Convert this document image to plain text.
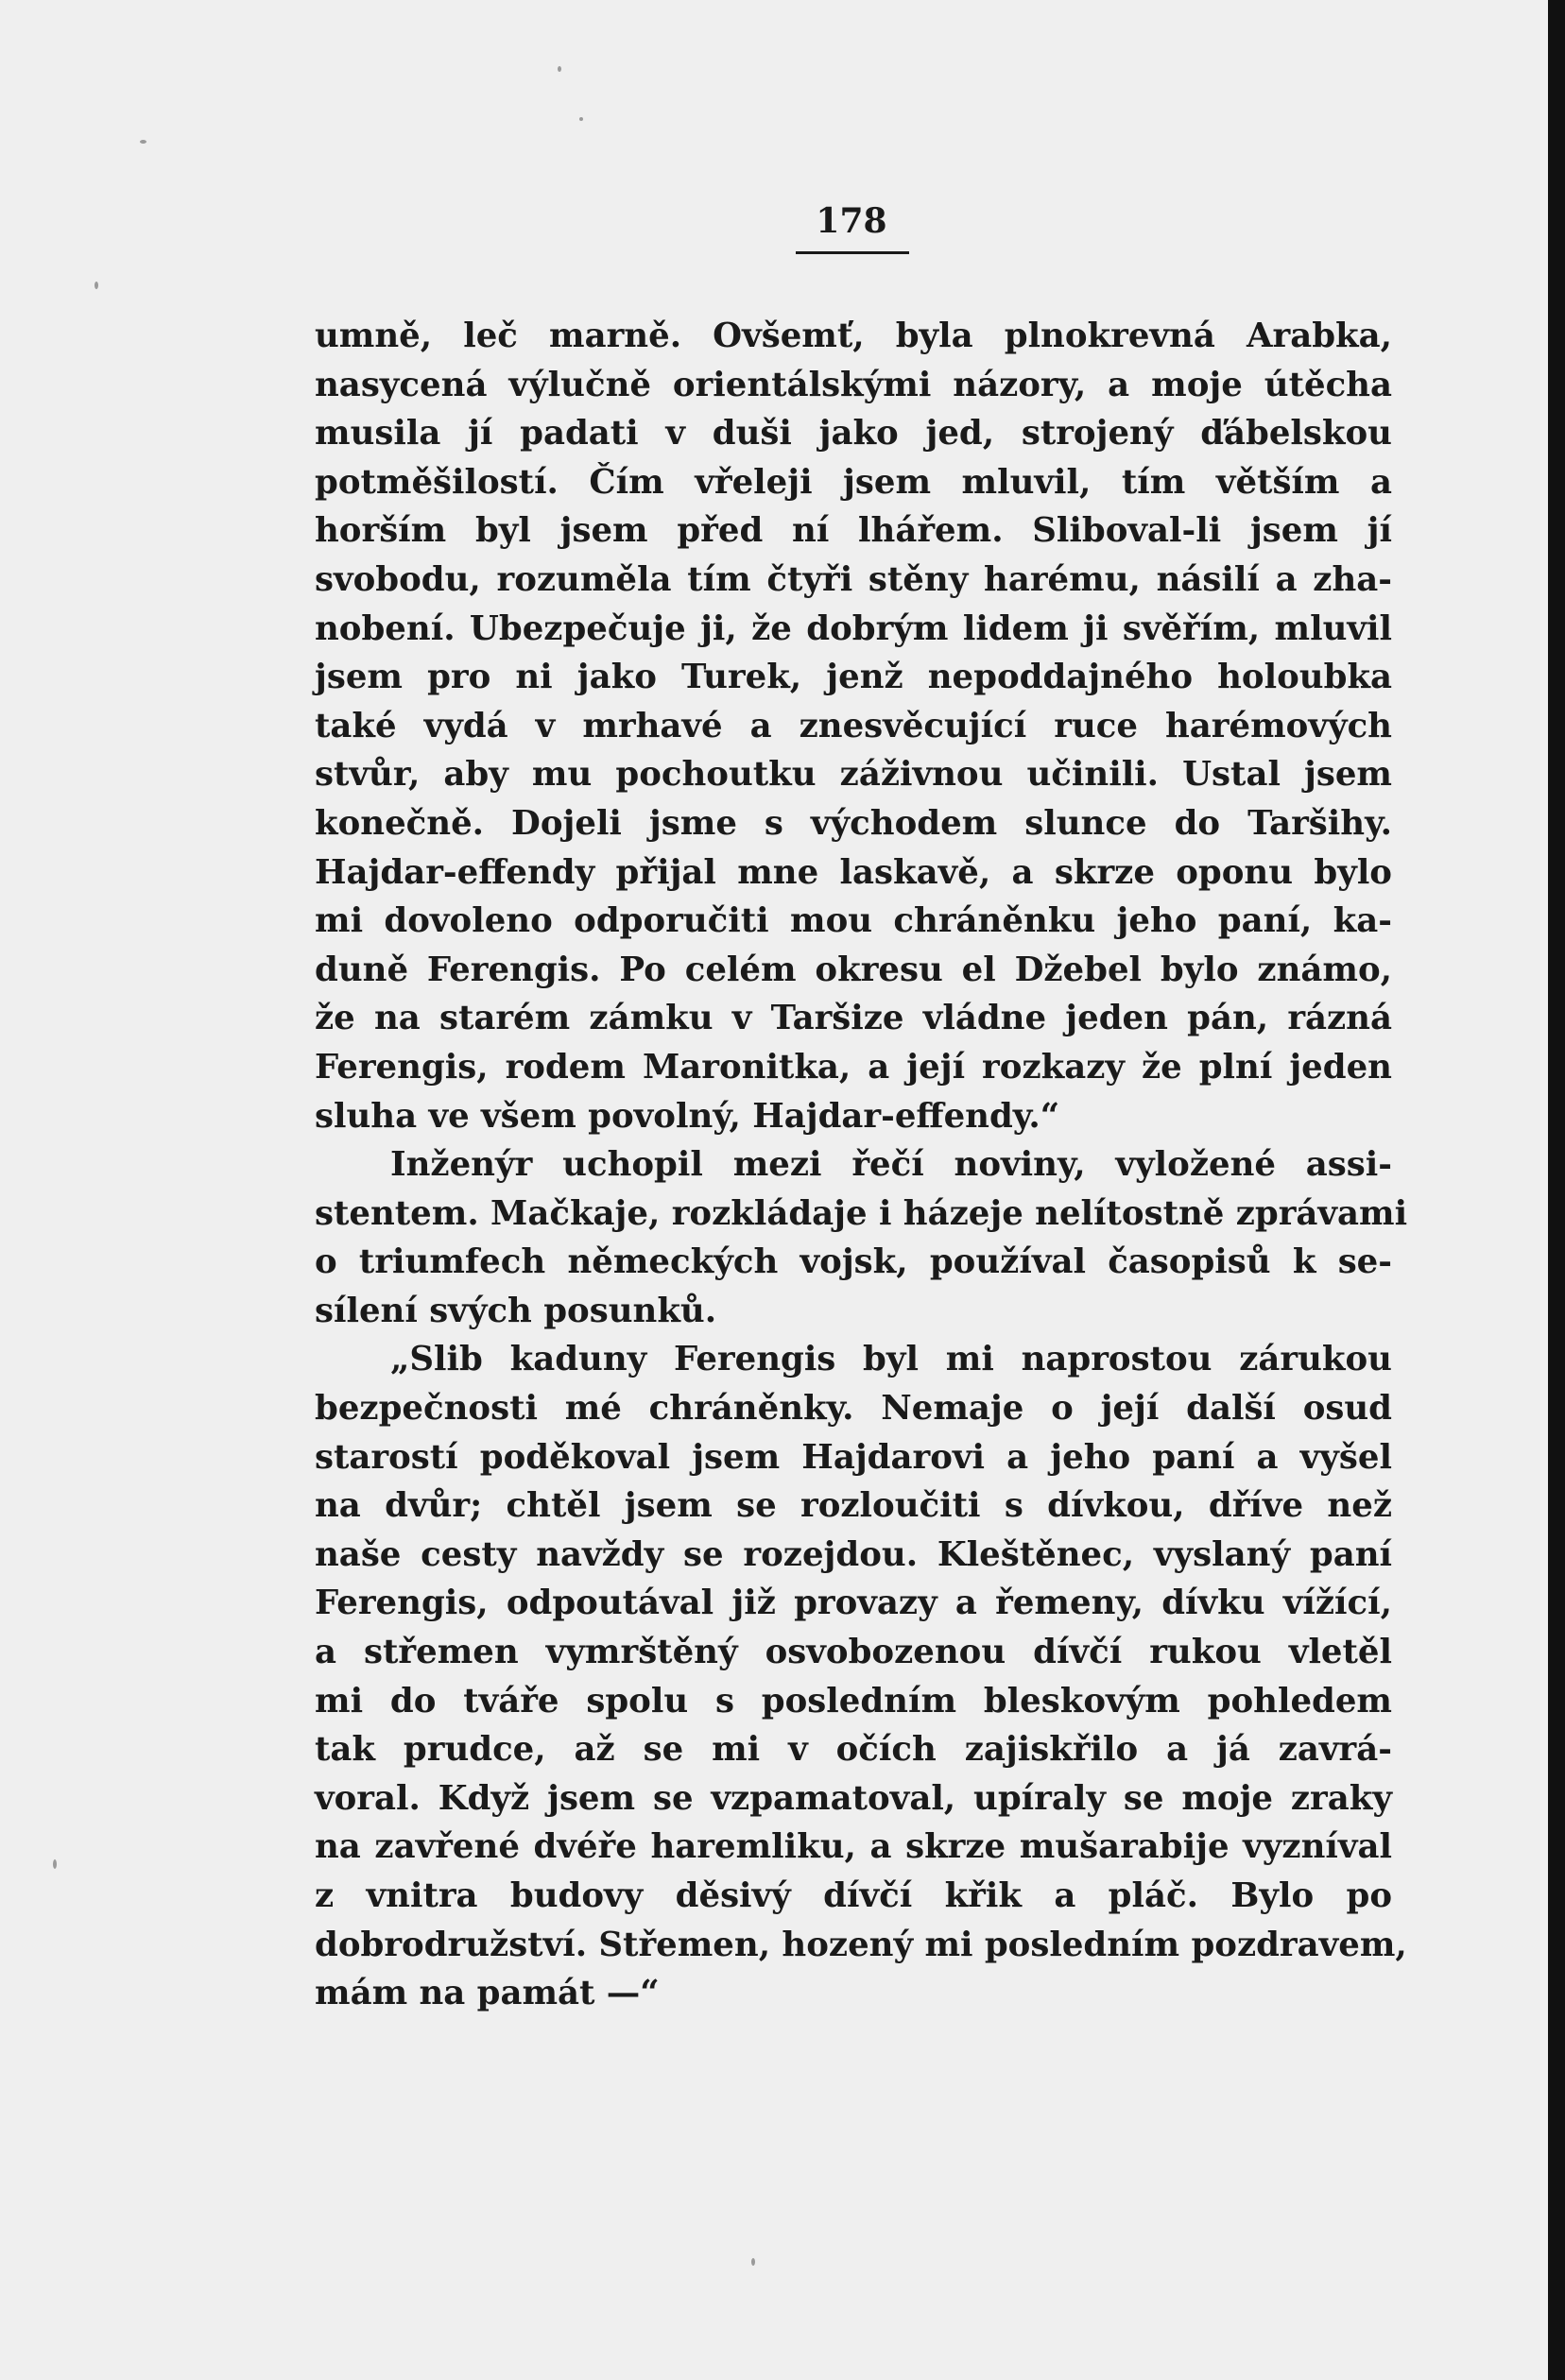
178
umně, leč marně. Ovšemť, byla plnokrevná Arabka,
nasycená výlučně orientálskými názory, a moje útěcha
musila jí padati v duši jako jed, strojený ďábelskou
potměšilostí. Čím vřeleji jsem mluvil, tím větším a
horším byl jsem před ní lhářem. Sliboval-li jsem jí
svobodu, rozuměla tím čtyři stěny harému, násilí a zha-
nobení. Ubezpečuje ji, že dobrým lidem ji svěřím, mluvil
jsem pro ni jako Turek, jenž nepoddajného holoubka
také vydá v mrhavé a znesvěcující ruce harémových
stvůr, aby mu pochoutku záživnou učinili. Ustal jsem
konečně. Dojeli jsme s východem slunce do Taršihy.
Hajdar-effendy přijal mne laskavě, a skrze oponu bylo
mi dovoleno odporučiti mou chráněnku jeho paní, ka-
duně Ferengis. Po celém okresu el Džebel bylo známo,
že na starém zámku v Taršize vládne jeden pán, rázná
Ferengis, rodem Maronitka, a její rozkazy že plní jeden
sluha ve všem povolný, Hajdar-effendy.“
Inženýr uchopil mezi řečí noviny, vyložené assi-
stentem. Mačkaje, rozkládaje i házeje nelítostně zprávami
o triumfech německých vojsk, používal časopisů k se-
sílení svých posunků.
„Slib kaduny Ferengis byl mi naprostou zárukou
bezpečnosti mé chráněnky. Nemaje o její další osud
starostí poděkoval jsem Hajdarovi a jeho paní a vyšel
na dvůr; chtěl jsem se rozloučiti s dívkou, dříve než
naše cesty navždy se rozejdou. Kleštěnec, vyslaný paní
Ferengis, odpoutával již provazy a řemeny, dívku vížící,
a střemen vymrštěný osvobozenou dívčí rukou vletěl
mi do tváře spolu s posledním bleskovým pohledem
tak prudce, až se mi v očích zajiskřilo a já zavrá-
voral. Když jsem se vzpamatoval, upíraly se moje zraky
na zavřené dvéře haremliku, a skrze mušarabije vyzníval
z vnitra budovy děsivý dívčí křik a pláč. Bylo po
dobrodružství. Střemen, hozený mi posledním pozdravem,
mám na památ —“
